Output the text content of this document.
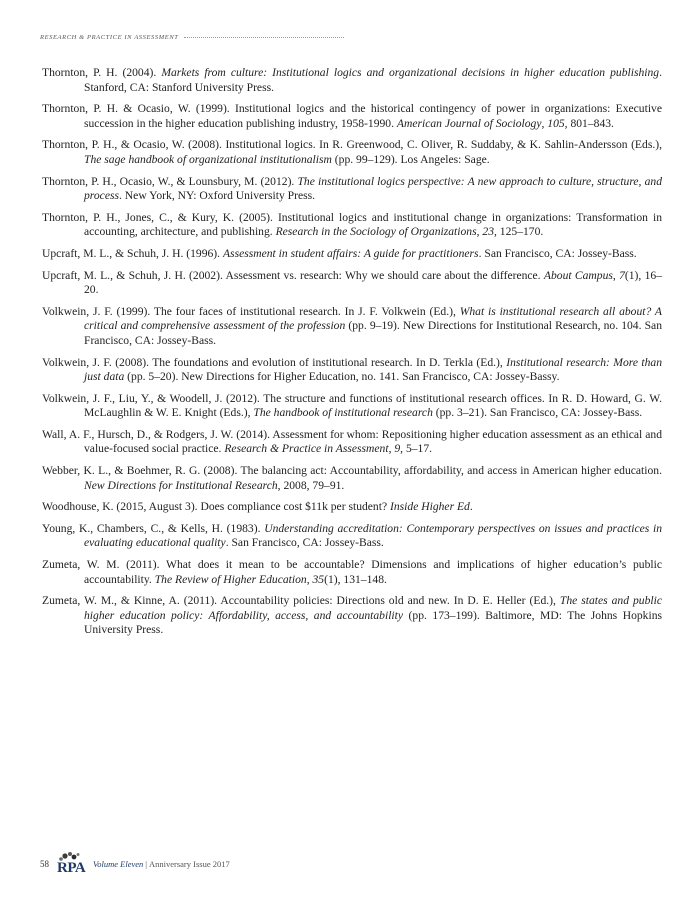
RESEARCH & PRACTICE IN ASSESSMENT

Thornton, P. H. (2004). Markets from culture: Institutional logics and organizational decisions in higher education publishing. Stanford, CA: Stanford University Press.

Thornton, P. H. & Ocasio, W. (1999). Institutional logics and the historical contingency of power in organizations: Executive succession in the higher education publishing industry, 1958-1990. American Journal of Sociology, 105, 801–843.

Thornton, P. H., & Ocasio, W. (2008). Institutional logics. In R. Greenwood, C. Oliver, R. Suddaby, & K. Sahlin-Andersson (Eds.), The sage handbook of organizational institutionalism (pp. 99–129). Los Angeles: Sage.

Thornton, P. H., Ocasio, W., & Lounsbury, M. (2012). The institutional logics perspective: A new approach to culture, structure, and process. New York, NY: Oxford University Press.

Thornton, P. H., Jones, C., & Kury, K. (2005). Institutional logics and institutional change in organizations: Transformation in accounting, architecture, and publishing. Research in the Sociology of Organizations, 23, 125–170.

Upcraft, M. L., & Schuh, J. H. (1996). Assessment in student affairs: A guide for practitioners. San Francisco, CA: Jossey-Bass.

Upcraft, M. L., & Schuh, J. H. (2002). Assessment vs. research: Why we should care about the difference. About Campus, 7(1), 16–20.

Volkwein, J. F. (1999). The four faces of institutional research. In J. F. Volkwein (Ed.), What is institutional research all about? A critical and comprehensive assessment of the profession (pp. 9–19). New Directions for Institutional Research, no. 104. San Francisco, CA: Jossey-Bass.

Volkwein, J. F. (2008). The foundations and evolution of institutional research. In D. Terkla (Ed.), Institutional research: More than just data (pp. 5–20). New Directions for Higher Education, no. 141. San Francisco, CA: Jossey-Bassy.

Volkwein, J. F., Liu, Y., & Woodell, J. (2012). The structure and functions of institutional research offices. In R. D. Howard, G. W. McLaughlin & W. E. Knight (Eds.), The handbook of institutional research (pp. 3–21). San Francisco, CA: Jossey-Bass.

Wall, A. F., Hursch, D., & Rodgers, J. W. (2014). Assessment for whom: Repositioning higher education assessment as an ethical and value-focused social practice. Research & Practice in Assessment, 9, 5–17.

Webber, K. L., & Boehmer, R. G. (2008). The balancing act: Accountability, affordability, and access in American higher education. New Directions for Institutional Research, 2008, 79–91.

Woodhouse, K. (2015, August 3). Does compliance cost $11k per student? Inside Higher Ed.

Young, K., Chambers, C., & Kells, H. (1983). Understanding accreditation: Contemporary perspectives on issues and practices in evaluating educational quality. San Francisco, CA: Jossey-Bass.

Zumeta, W. M. (2011). What does it mean to be accountable? Dimensions and implications of higher education’s public accountability. The Review of Higher Education, 35(1), 131–148.

Zumeta, W. M., & Kinne, A. (2011). Accountability policies: Directions old and new. In D. E. Heller (Ed.), The states and public higher education policy: Affordability, access, and accountability (pp. 173–199). Baltimore, MD: The Johns Hopkins University Press.

58 RPA Volume Eleven | Anniversary Issue 2017
